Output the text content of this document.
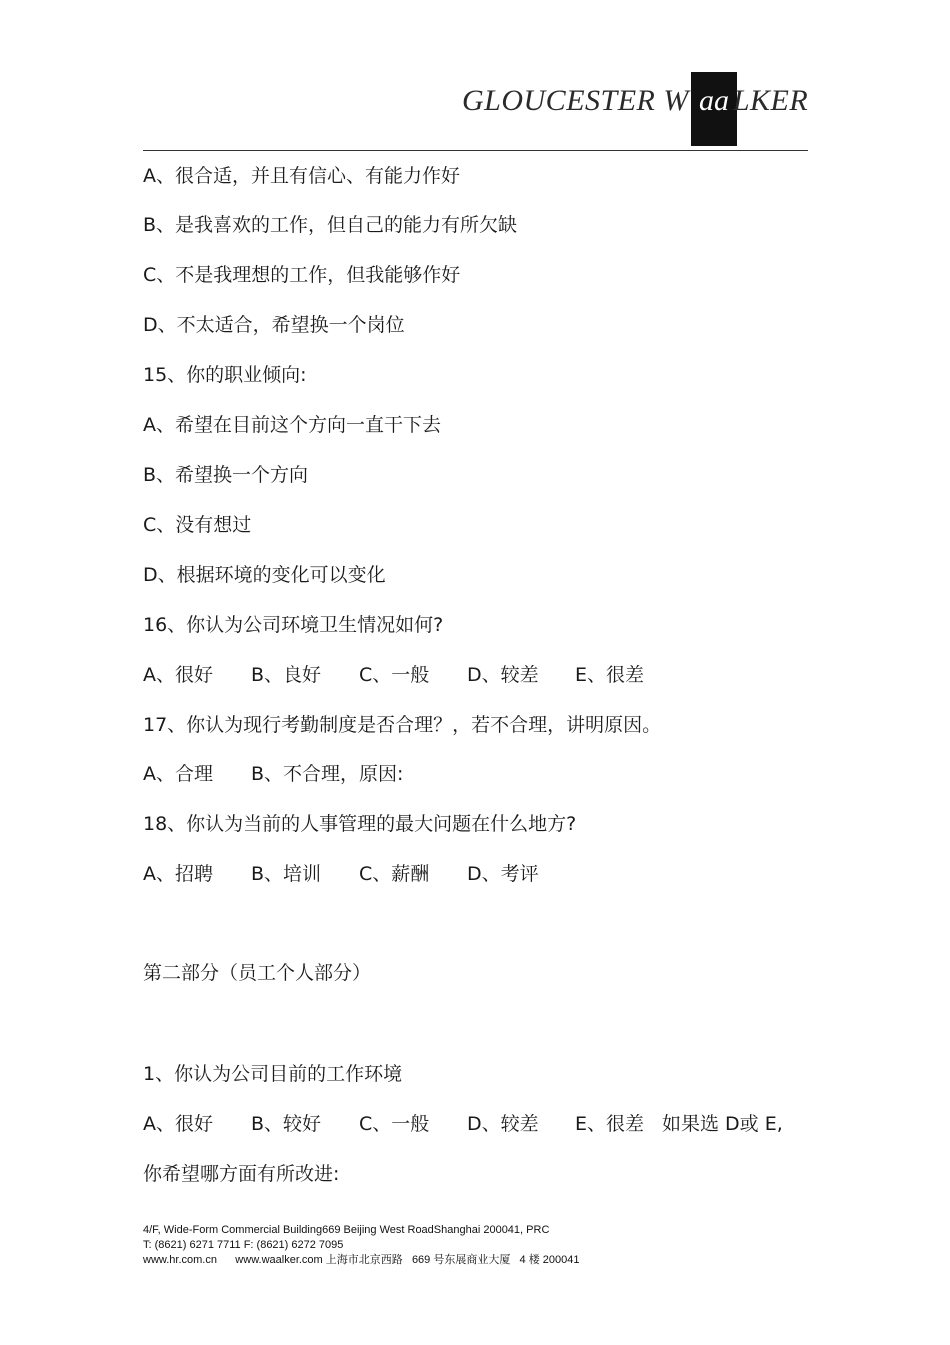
GLOUCESTER W LKER
aa
A、很合适，并且有信心、有能力作好
B、是我喜欢的工作，但自己的能力有所欠缺
C、不是我理想的工作，但我能够作好
D、不太适合，希望换一个岗位
15、你的职业倾向:
A、希望在目前这个方向一直干下去
B、希望换一个方向
C、没有想过
D、根据环境的变化可以变化
16、你认为公司环境卫生情况如何?
A、很好 B、良好 C、一般 D、较差 E、很差
17、你认为现行考勤制度是否合理？，若不合理，讲明原因。
A、合理 B、不合理，原因:
18、你认为当前的人事管理的最大问题在什么地方?
A、招聘 B、培训 C、薪酬 D、考评
第二部分（员工个人部分）
1、你认为公司目前的工作环境
A、很好 B、较好 C、一般 D、较差 E、很差 如果选 D或 E,
你希望哪方面有所改进:
4/F, Wide-Form Commercial Building669 Beijing West RoadShanghai 200041, PRC
T: (8621) 6271 7711 F: (8621) 6272 7095
www.hr.com.cn      www.waalker.com 上海市北京西路   669 号东展商业大厦   4 楼 200041
